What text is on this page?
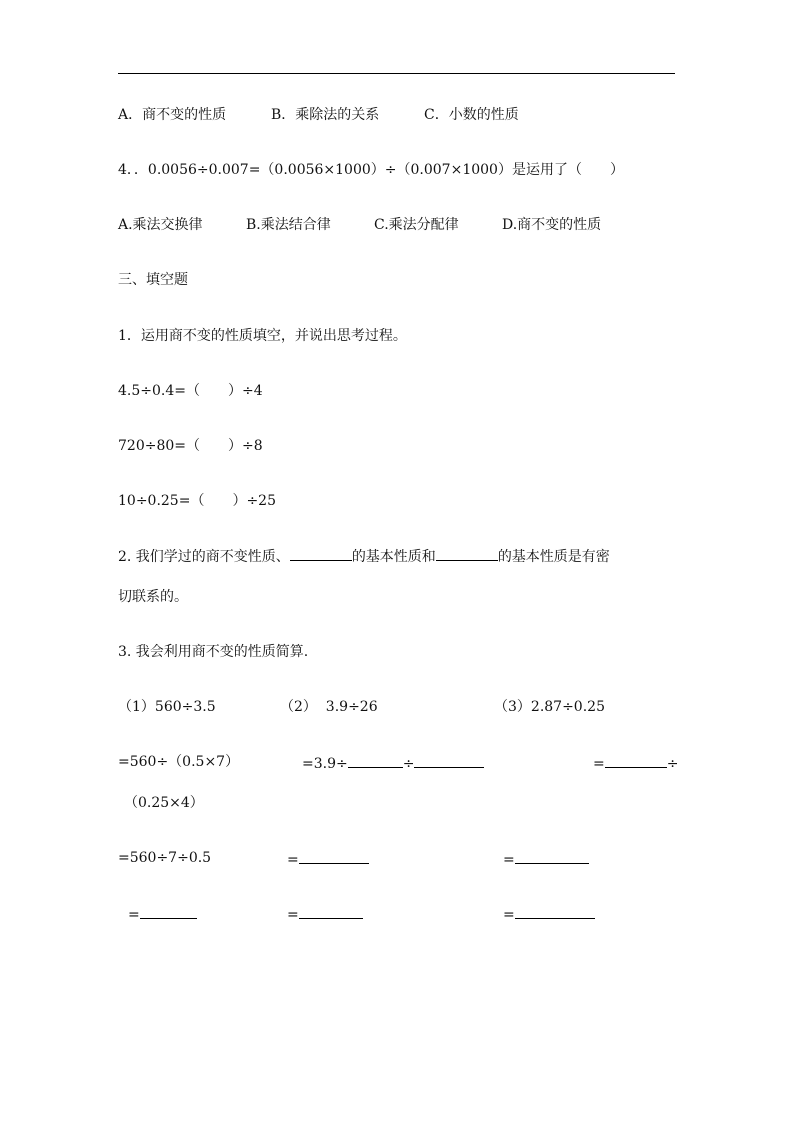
A．商不变的性质	B．乘除法的关系	C．小数的性质
4．．0.0056÷0.007=（0.0056×1000）÷（0.007×1000）是运用了（　　）
A.乘法交换律	B.乘法结合律	C.乘法分配律	D.商不变的性质
三、填空题
1．运用商不变的性质填空，并说出思考过程。
4.5÷0.4=（　　）÷4
720÷80=（　　）÷8
10÷0.25=（　　）÷25
2. 我们学过的商不变性质、	的基本性质和	的基本性质是有密
切联系的。
3. 我会利用商不变的性质简算.
（1）560÷3.5	（2）  3.9÷26	（3）2.87÷0.25
=560÷（0.5×7）	=3.9÷	÷	=	÷
（0.25×4）
=560÷7÷0.5	=	=
=	=	=
